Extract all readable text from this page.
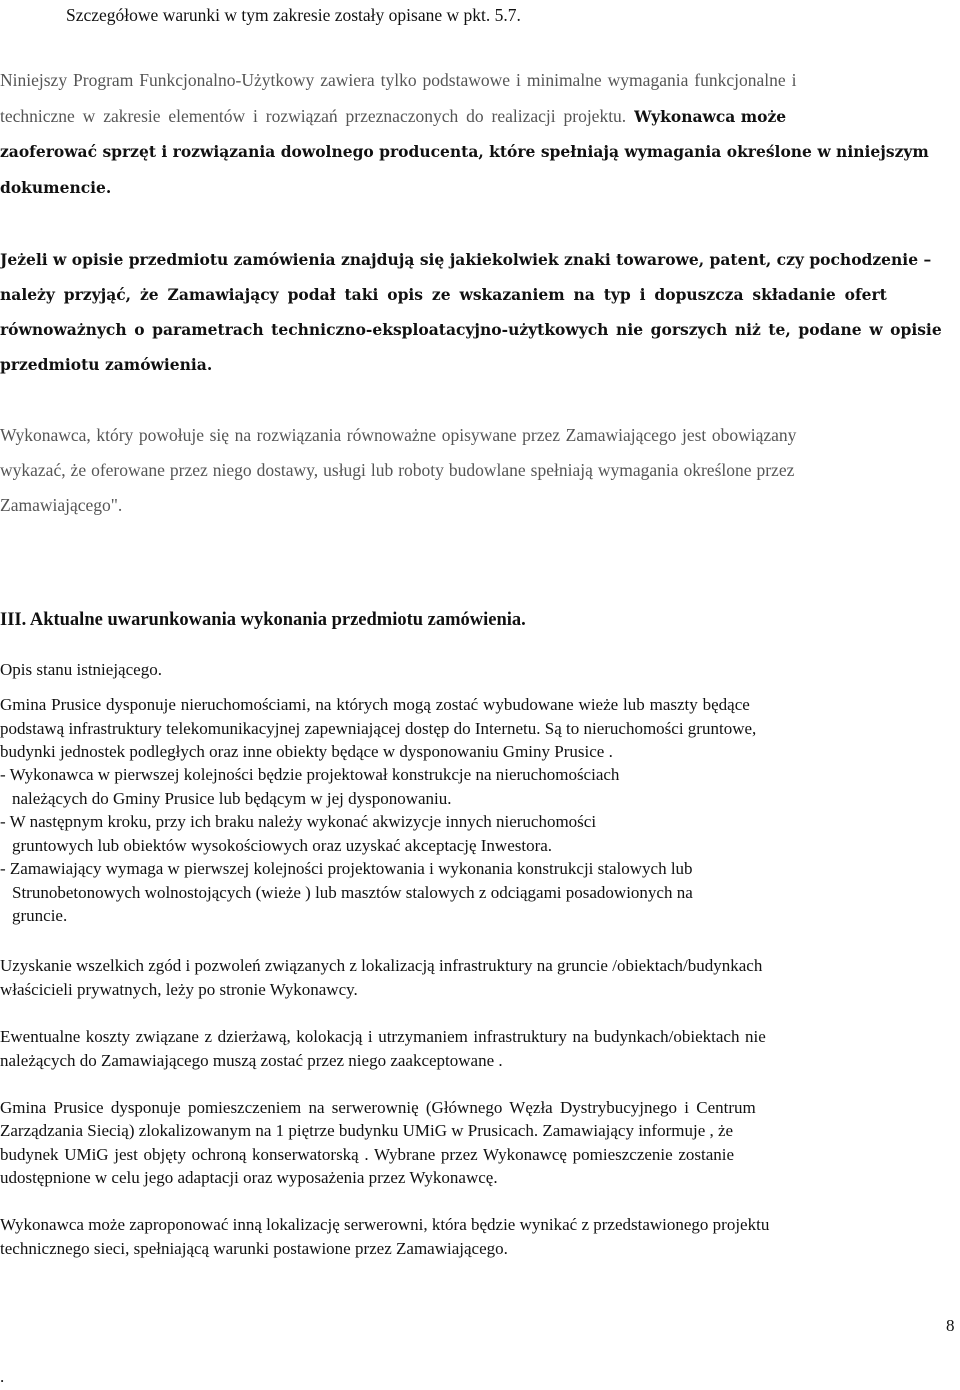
Szczegółowe warunki w tym zakresie zostały opisane w pkt. 5.7.
Niniejszy Program Funkcjonalno-Użytkowy zawiera tylko podstawowe i minimalne wymagania funkcjonalne i
techniczne w zakresie elementów i rozwiązań przeznaczonych do realizacji projektu. Wykonawca może
zaoferować sprzęt i rozwiązania dowolnego producenta, które spełniają wymagania określone w niniejszym
dokumencie.
Jeżeli w opisie przedmiotu zamówienia znajdują się jakiekolwiek znaki towarowe, patent, czy pochodzenie –
należy przyjąć, że Zamawiający podał taki opis ze wskazaniem na typ i dopuszcza składanie ofert
równoważnych o parametrach techniczno-eksploatacyjno-użytkowych nie gorszych niż te, podane w opisie
przedmiotu zamówienia.
Wykonawca, który powołuje się na rozwiązania równoważne opisywane przez Zamawiającego jest obowiązany
wykazać, że oferowane przez niego dostawy, usługi lub roboty budowlane spełniają wymagania określone przez
Zamawiającego".
III. Aktualne uwarunkowania wykonania przedmiotu zamówienia.
Opis stanu istniejącego.
Gmina Prusice dysponuje nieruchomościami, na których mogą zostać wybudowane wieże lub maszty będące
podstawą infrastruktury telekomunikacyjnej zapewniającej dostęp do Internetu. Są to nieruchomości gruntowe,
budynki jednostek podległych oraz inne obiekty będące w dysponowaniu Gminy Prusice .
- Wykonawca w pierwszej kolejności będzie projektował konstrukcje na nieruchomościach
należących do Gminy Prusice lub będącym w jej dysponowaniu.
- W następnym kroku, przy ich braku należy wykonać akwizycje innych nieruchomości
gruntowych lub obiektów wysokościowych oraz uzyskać akceptację Inwestora.
- Zamawiający wymaga w pierwszej kolejności projektowania i wykonania konstrukcji stalowych lub
Strunobetonowych wolnostojących (wieże ) lub masztów stalowych z odciągami posadowionych na
gruncie.
Uzyskanie wszelkich zgód i pozwoleń związanych z lokalizacją infrastruktury na gruncie /obiektach/budynkach
właścicieli prywatnych, leży po stronie Wykonawcy.
Ewentualne koszty związane z dzierżawą, kolokacją i utrzymaniem infrastruktury na budynkach/obiektach nie
należących do Zamawiającego muszą zostać przez niego zaakceptowane .
Gmina Prusice dysponuje pomieszczeniem na serwerownię (Głównego Węzła Dystrybucyjnego i Centrum
Zarządzania Siecią) zlokalizowanym na 1 piętrze budynku UMiG w Prusicach. Zamawiający informuje , że
budynek UMiG jest objęty ochroną konserwatorską . Wybrane przez Wykonawcę pomieszczenie zostanie
udostępnione w celu jego adaptacji oraz wyposażenia przez Wykonawcę.
Wykonawca może zaproponować inną lokalizację serwerowni, która będzie wynikać z przedstawionego projektu
technicznego sieci, spełniającą warunki postawione przez Zamawiającego.
8
.
